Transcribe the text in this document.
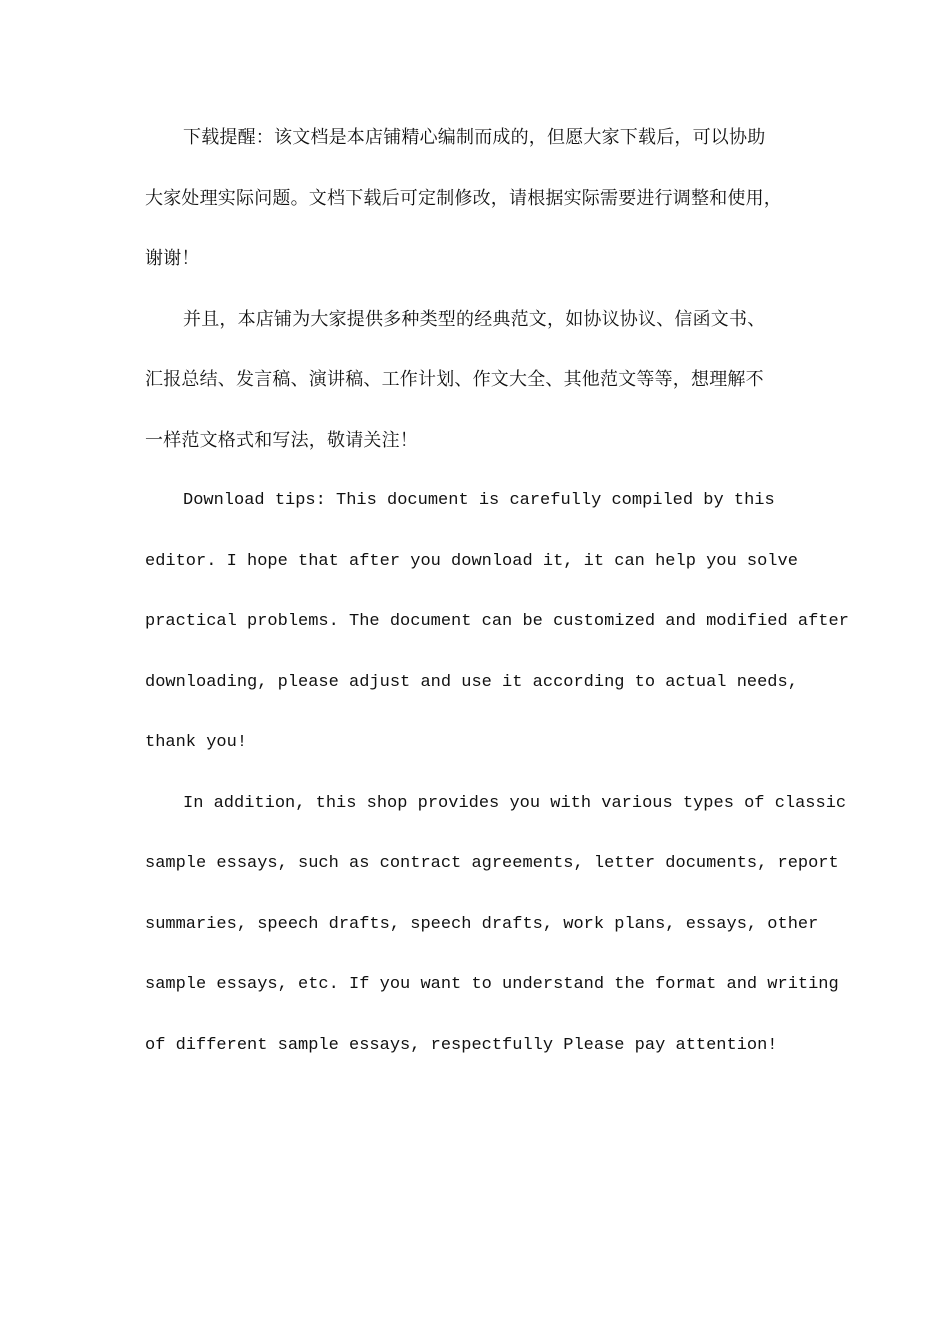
下载提醒：该文档是本店铺精心编制而成的，但愿大家下载后，可以协助
大家处理实际问题。文档下载后可定制修改，请根据实际需要进行调整和使用，
谢谢！
并且，本店铺为大家提供多种类型的经典范文，如协议协议、信函文书、
汇报总结、发言稿、演讲稿、工作计划、作文大全、其他范文等等，想理解不
一样范文格式和写法，敬请关注！
Download tips: This document is carefully compiled by this
editor. I hope that after you download it, it can help you solve
practical problems. The document can be customized and modified after
downloading, please adjust and use it according to actual needs,
thank you!
In addition, this shop provides you with various types of classic
sample essays, such as contract agreements, letter documents, report
summaries, speech drafts, speech drafts, work plans, essays, other
sample essays, etc. If you want to understand the format and writing
of different sample essays, respectfully Please pay attention!
